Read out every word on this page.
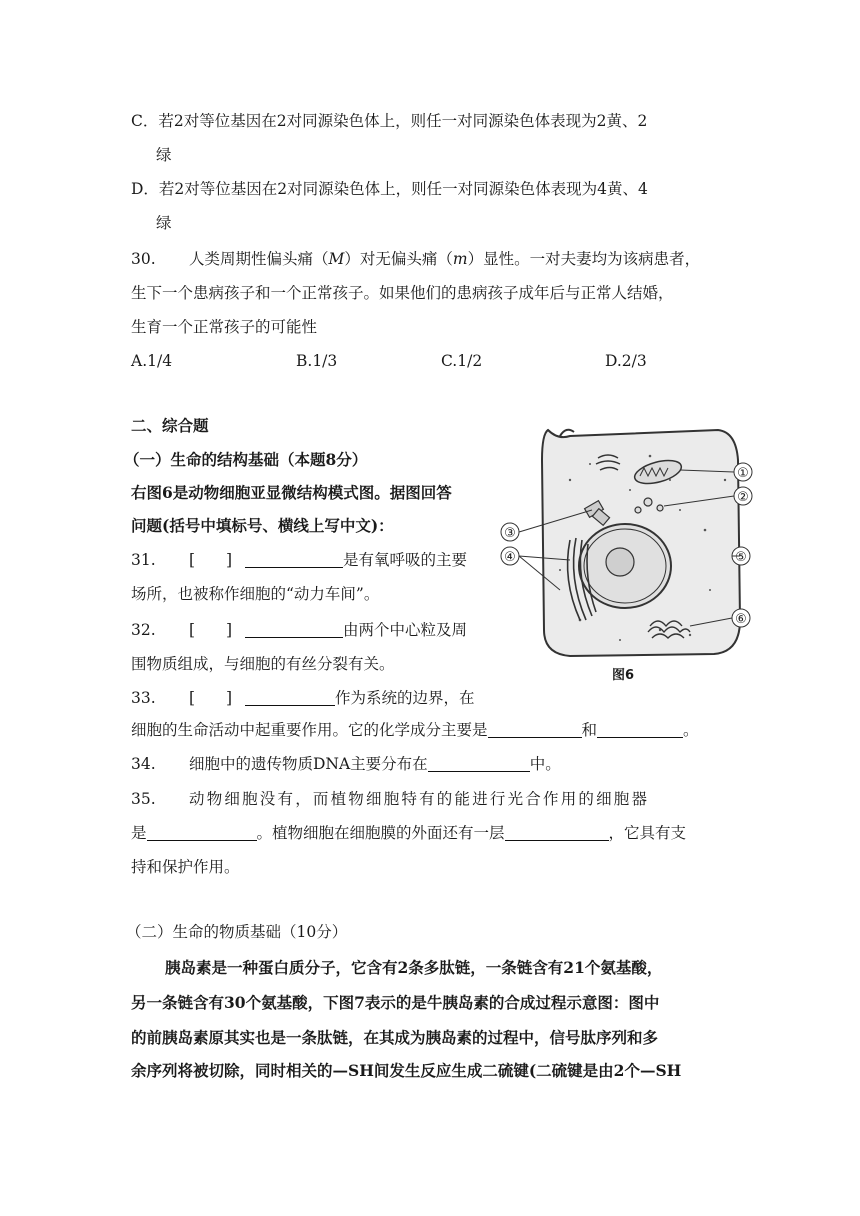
C．若2对等位基因在2对同源染色体上，则任一对同源染色体表现为2黄、2
绿
D．若2对等位基因在2对同源染色体上，则任一对同源染色体表现为4黄、4
绿
30. 人类周期性偏头痛（M）对无偏头痛（m）显性。一对夫妻均为该病患者，
生下一个患病孩子和一个正常孩子。如果他们的患病孩子成年后与正常人结婚，
生育一个正常孩子的可能性
A.1/4	B.1/3	C.1/2	D.2/3
二、综合题
（一）生命的结构基础（本题8分）
右图6是动物细胞亚显微结构模式图。据图回答
问题(括号中填标号、横线上写中文)：
31. [　　]	是有氧呼吸的主要
场所，也被称作细胞的“动力车间”。
32. [　　]	由两个中心粒及周
围物质组成，与细胞的有丝分裂有关。
33. [　　]	作为系统的边界，在
细胞的生命活动中起重要作用。它的化学成分主要是	和	。
34. 细胞中的遗传物质DNA主要分布在	中。
35. 动物细胞没有，而植物细胞特有的能进行光合作用的细胞器
是	。植物细胞在细胞膜的外面还有一层	，它具有支
持和保护作用。
（二）生命的物质基础（10分）
胰岛素是一种蛋白质分子，它含有2条多肽链，一条链含有21个氨基酸，
另一条链含有30个氨基酸，下图7表示的是牛胰岛素的合成过程示意图：图中
的前胰岛素原其实也是一条肽链，在其成为胰岛素的过程中，信号肽序列和多
余序列将被切除，同时相关的—SH间发生反应生成二硫键(二硫键是由2个—SH
①
②
③
④	⑤
⑥
图6
